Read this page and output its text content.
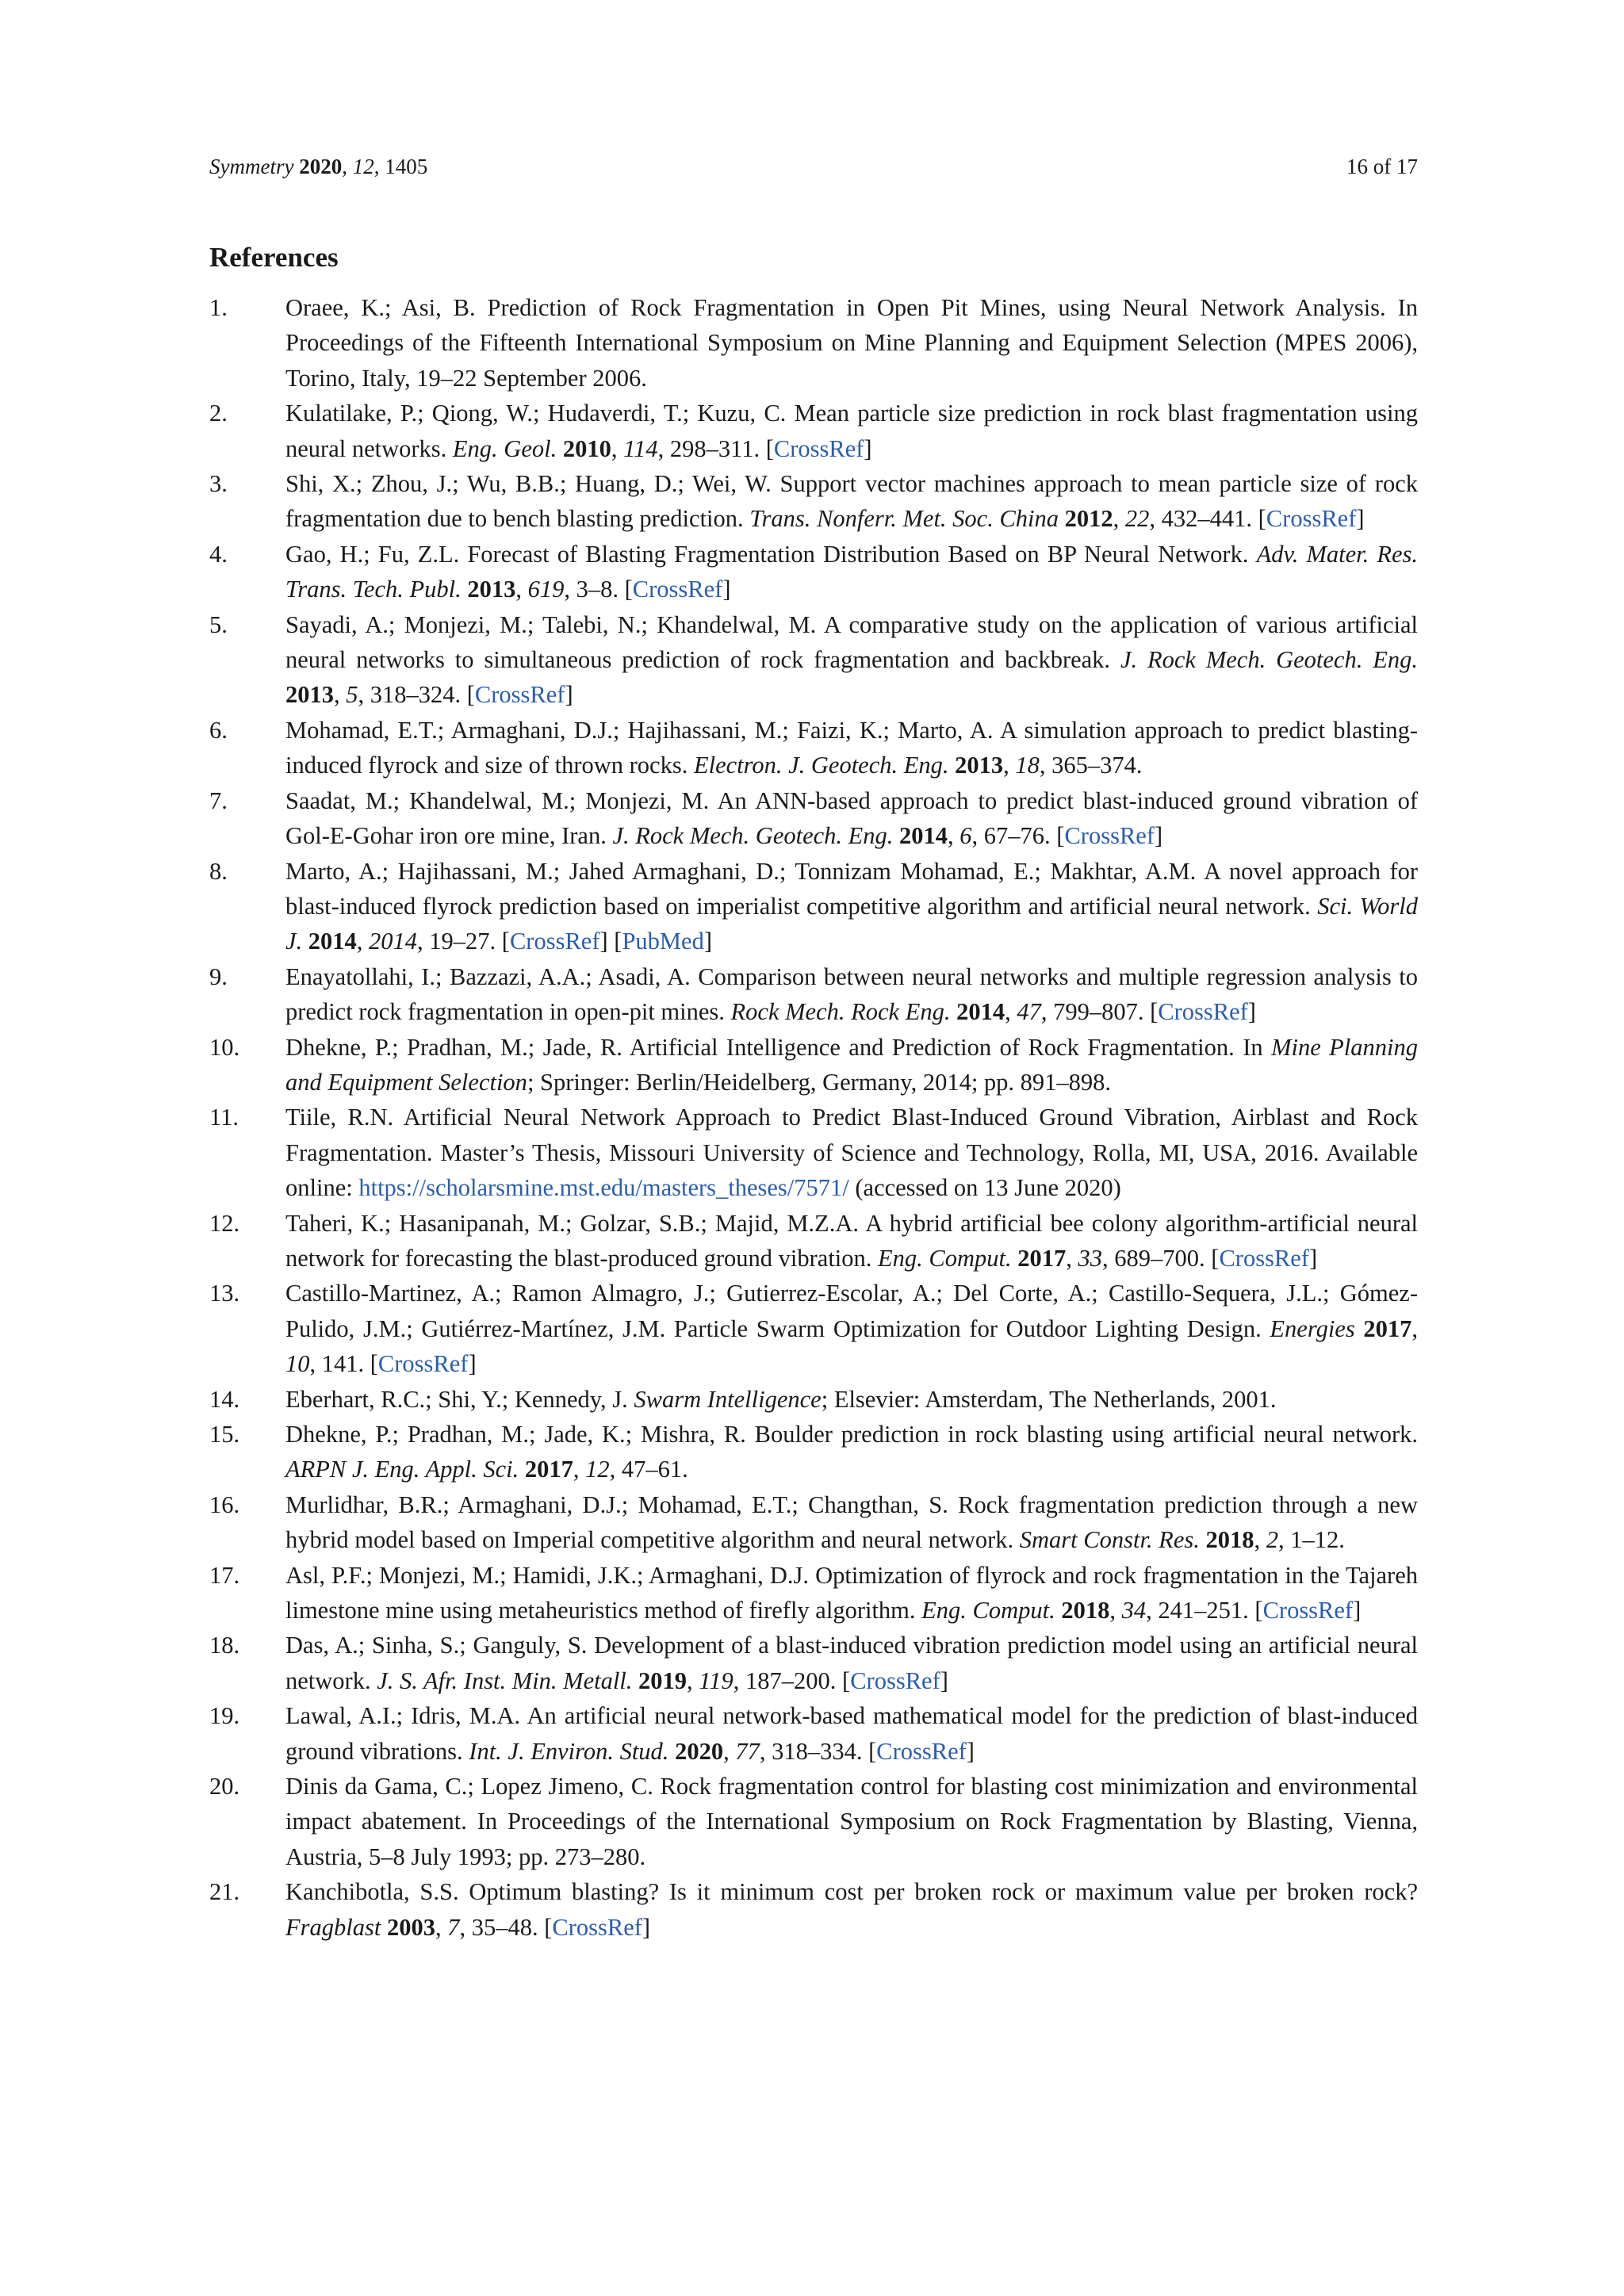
Symmetry 2020, 12, 1405	16 of 17
References
1.	Oraee, K.; Asi, B. Prediction of Rock Fragmentation in Open Pit Mines, using Neural Network Analysis. In Proceedings of the Fifteenth International Symposium on Mine Planning and Equipment Selection (MPES 2006), Torino, Italy, 19–22 September 2006.
2.	Kulatilake, P.; Qiong, W.; Hudaverdi, T.; Kuzu, C. Mean particle size prediction in rock blast fragmentation using neural networks. Eng. Geol. 2010, 114, 298–311. [CrossRef]
3.	Shi, X.; Zhou, J.; Wu, B.B.; Huang, D.; Wei, W. Support vector machines approach to mean particle size of rock fragmentation due to bench blasting prediction. Trans. Nonferr. Met. Soc. China 2012, 22, 432–441. [CrossRef]
4.	Gao, H.; Fu, Z.L. Forecast of Blasting Fragmentation Distribution Based on BP Neural Network. Adv. Mater. Res. Trans. Tech. Publ. 2013, 619, 3–8. [CrossRef]
5.	Sayadi, A.; Monjezi, M.; Talebi, N.; Khandelwal, M. A comparative study on the application of various artificial neural networks to simultaneous prediction of rock fragmentation and backbreak. J. Rock Mech. Geotech. Eng. 2013, 5, 318–324. [CrossRef]
6.	Mohamad, E.T.; Armaghani, D.J.; Hajihassani, M.; Faizi, K.; Marto, A. A simulation approach to predict blasting-induced flyrock and size of thrown rocks. Electron. J. Geotech. Eng. 2013, 18, 365–374.
7.	Saadat, M.; Khandelwal, M.; Monjezi, M. An ANN-based approach to predict blast-induced ground vibration of Gol-E-Gohar iron ore mine, Iran. J. Rock Mech. Geotech. Eng. 2014, 6, 67–76. [CrossRef]
8.	Marto, A.; Hajihassani, M.; Jahed Armaghani, D.; Tonnizam Mohamad, E.; Makhtar, A.M. A novel approach for blast-induced flyrock prediction based on imperialist competitive algorithm and artificial neural network. Sci. World J. 2014, 2014, 19–27. [CrossRef] [PubMed]
9.	Enayatollahi, I.; Bazzazi, A.A.; Asadi, A. Comparison between neural networks and multiple regression analysis to predict rock fragmentation in open-pit mines. Rock Mech. Rock Eng. 2014, 47, 799–807. [CrossRef]
10.	Dhekne, P.; Pradhan, M.; Jade, R. Artificial Intelligence and Prediction of Rock Fragmentation. In Mine Planning and Equipment Selection; Springer: Berlin/Heidelberg, Germany, 2014; pp. 891–898.
11.	Tiile, R.N. Artificial Neural Network Approach to Predict Blast-Induced Ground Vibration, Airblast and Rock Fragmentation. Master’s Thesis, Missouri University of Science and Technology, Rolla, MI, USA, 2016. Available online: https://scholarsmine.mst.edu/masters_theses/7571/ (accessed on 13 June 2020)
12.	Taheri, K.; Hasanipanah, M.; Golzar, S.B.; Majid, M.Z.A. A hybrid artificial bee colony algorithm-artificial neural network for forecasting the blast-produced ground vibration. Eng. Comput. 2017, 33, 689–700. [CrossRef]
13.	Castillo-Martinez, A.; Ramon Almagro, J.; Gutierrez-Escolar, A.; Del Corte, A.; Castillo-Sequera, J.L.; Gómez-Pulido, J.M.; Gutiérrez-Martínez, J.M. Particle Swarm Optimization for Outdoor Lighting Design. Energies 2017, 10, 141. [CrossRef]
14.	Eberhart, R.C.; Shi, Y.; Kennedy, J. Swarm Intelligence; Elsevier: Amsterdam, The Netherlands, 2001.
15.	Dhekne, P.; Pradhan, M.; Jade, K.; Mishra, R. Boulder prediction in rock blasting using artificial neural network. ARPN J. Eng. Appl. Sci. 2017, 12, 47–61.
16.	Murlidhar, B.R.; Armaghani, D.J.; Mohamad, E.T.; Changthan, S. Rock fragmentation prediction through a new hybrid model based on Imperial competitive algorithm and neural network. Smart Constr. Res. 2018, 2, 1–12.
17.	Asl, P.F.; Monjezi, M.; Hamidi, J.K.; Armaghani, D.J. Optimization of flyrock and rock fragmentation in the Tajareh limestone mine using metaheuristics method of firefly algorithm. Eng. Comput. 2018, 34, 241–251. [CrossRef]
18.	Das, A.; Sinha, S.; Ganguly, S. Development of a blast-induced vibration prediction model using an artificial neural network. J. S. Afr. Inst. Min. Metall. 2019, 119, 187–200. [CrossRef]
19.	Lawal, A.I.; Idris, M.A. An artificial neural network-based mathematical model for the prediction of blast-induced ground vibrations. Int. J. Environ. Stud. 2020, 77, 318–334. [CrossRef]
20.	Dinis da Gama, C.; Lopez Jimeno, C. Rock fragmentation control for blasting cost minimization and environmental impact abatement. In Proceedings of the International Symposium on Rock Fragmentation by Blasting, Vienna, Austria, 5–8 July 1993; pp. 273–280.
21.	Kanchibotla, S.S. Optimum blasting? Is it minimum cost per broken rock or maximum value per broken rock? Fragblast 2003, 7, 35–48. [CrossRef]
